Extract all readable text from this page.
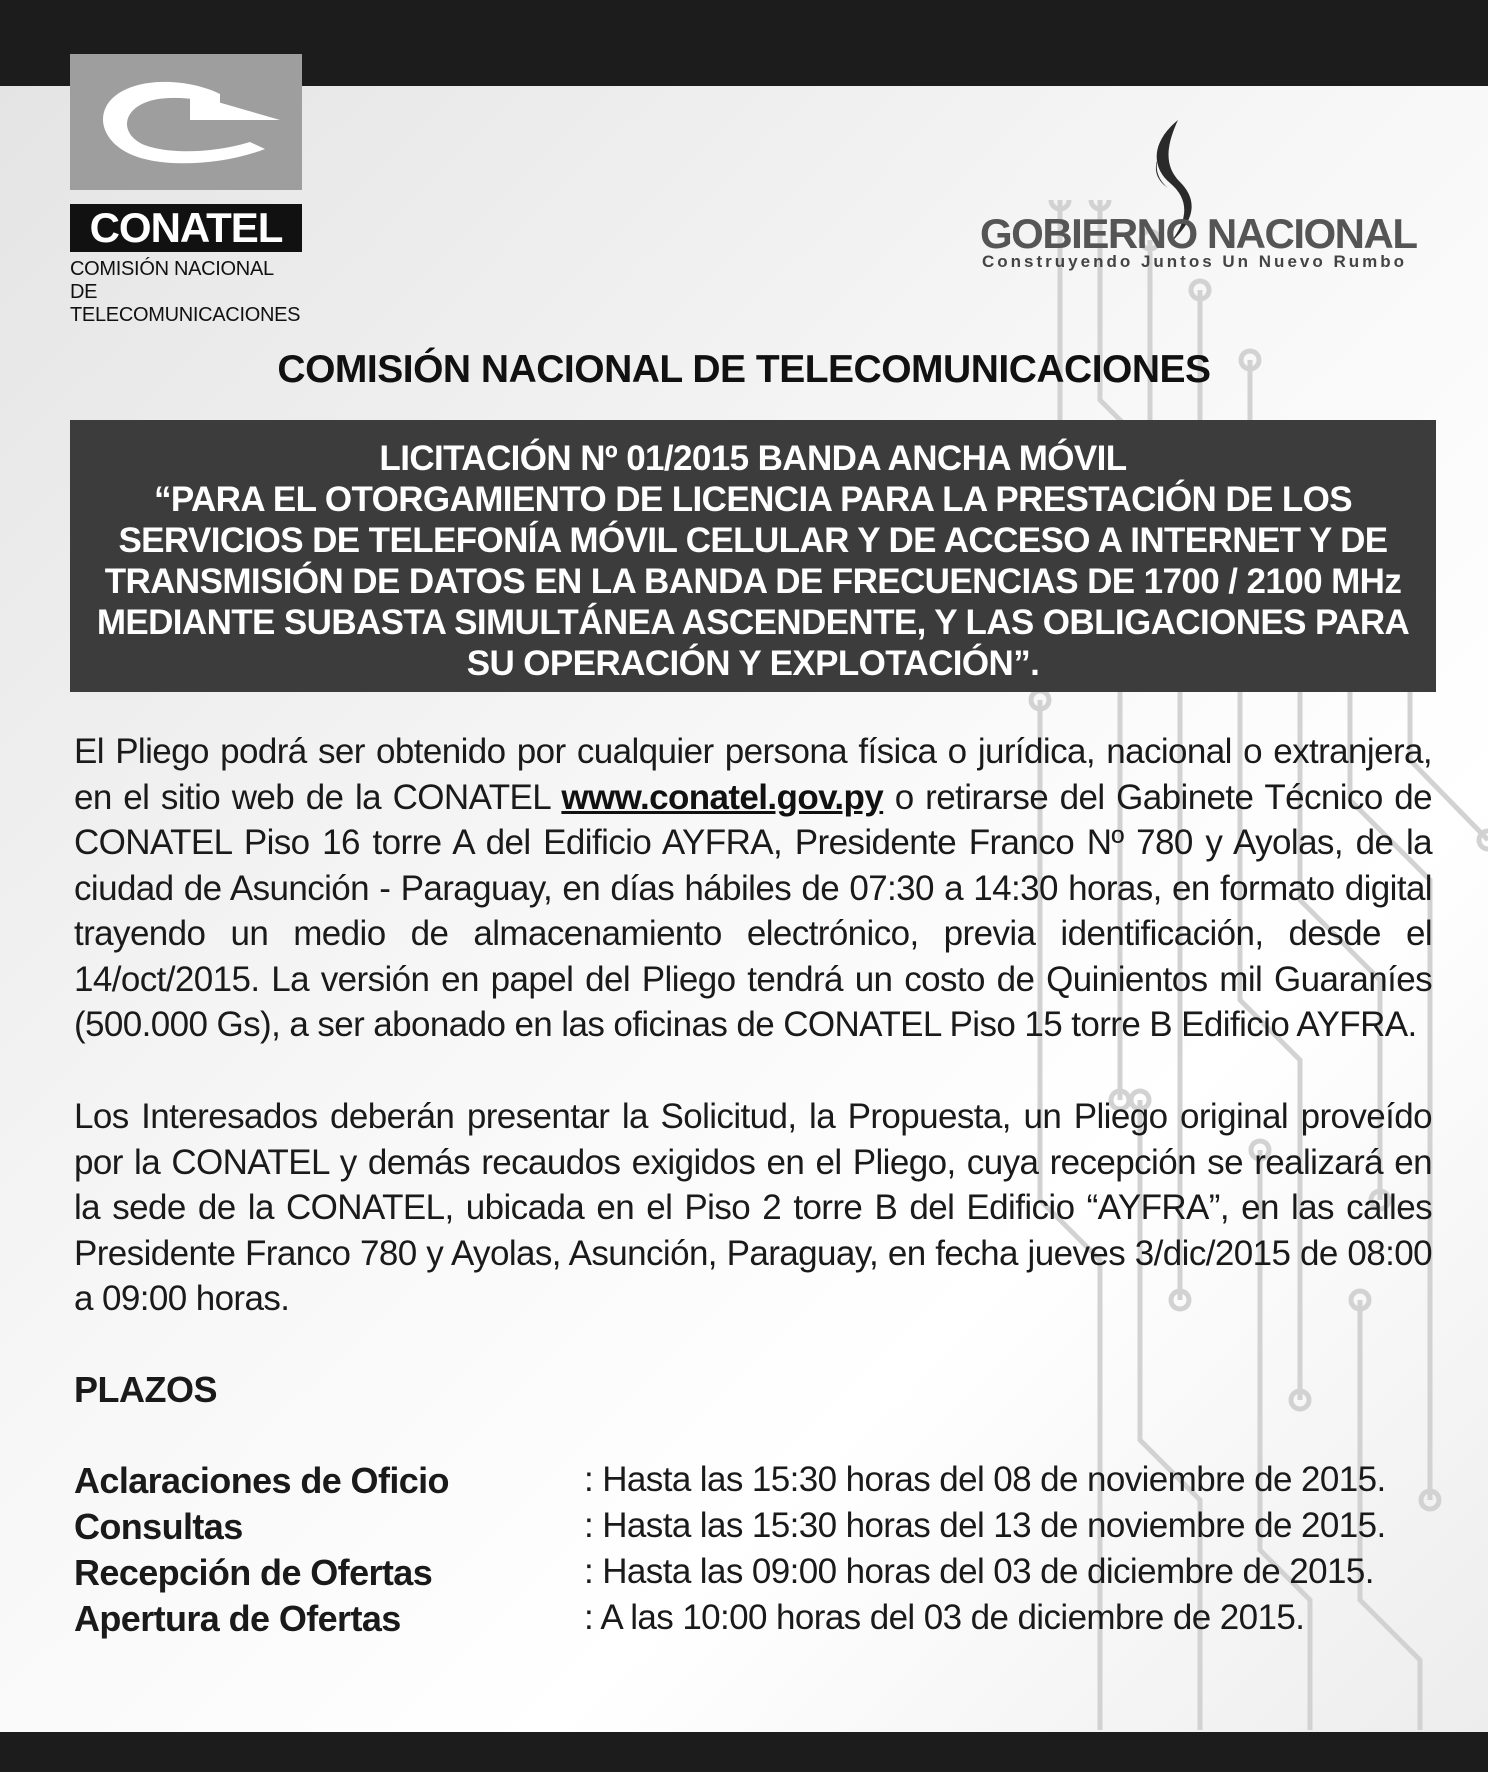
CONATEL
COMISIÓN NACIONAL DE
TELECOMUNICACIONES
GOBIERNO NACIONAL
Construyendo Juntos Un Nuevo Rumbo
COMISIÓN NACIONAL DE TELECOMUNICACIONES

LICITACIÓN Nº 01/2015 BANDA ANCHA MÓVIL

“PARA EL OTORGAMIENTO DE LICENCIA PARA LA PRESTACIÓN DE LOS

SERVICIOS DE TELEFONÍA MÓVIL CELULAR Y DE ACCESO A INTERNET Y DE

TRANSMISIÓN DE DATOS EN LA BANDA DE FRECUENCIAS DE 1700 / 2100 MHz

MEDIANTE SUBASTA SIMULTÁNEA ASCENDENTE, Y LAS OBLIGACIONES PARA

SU OPERACIÓN Y EXPLOTACIÓN”.

El Pliego podrá ser obtenido por cualquier persona física o jurídica, nacional o extranjera, en el sitio web de la CONATEL www.conatel.gov.py o retirarse del Gabinete Técnico de CONATEL Piso 16 torre A del Edificio AYFRA, Presidente Franco Nº 780 y Ayolas, de la ciudad de Asunción - Paraguay, en días hábiles de 07:30 a 14:30 horas, en formato digital trayendo un medio de almacenamiento electrónico, previa identificación, desde el 14/oct/2015. La versión en papel del Pliego tendrá un costo de Quinientos mil Guaraníes (500.000 Gs), a ser abonado en las oficinas de CONATEL Piso 15 torre B Edificio AYFRA.

Los Interesados deberán presentar la Solicitud, la Propuesta, un Pliego original proveído por la CONATEL y demás recaudos exigidos en el Pliego, cuya recepción se realizará en la sede de la CONATEL, ubicada en el Piso 2 torre B del Edificio “AYFRA”, en las calles Presidente Franco 780 y Ayolas, Asunción, Paraguay, en fecha jueves 3/dic/2015 de 08:00 a 09:00 horas.

PLAZOS
Aclaraciones de Oficio	: Hasta las 15:30 horas del 08 de noviembre de 2015.
Consultas	: Hasta las 15:30 horas del 13 de noviembre de 2015.
Recepción de Ofertas	: Hasta las 09:00 horas del 03 de diciembre de 2015.
Apertura de Ofertas	: A las 10:00 horas del 03 de diciembre de 2015.
